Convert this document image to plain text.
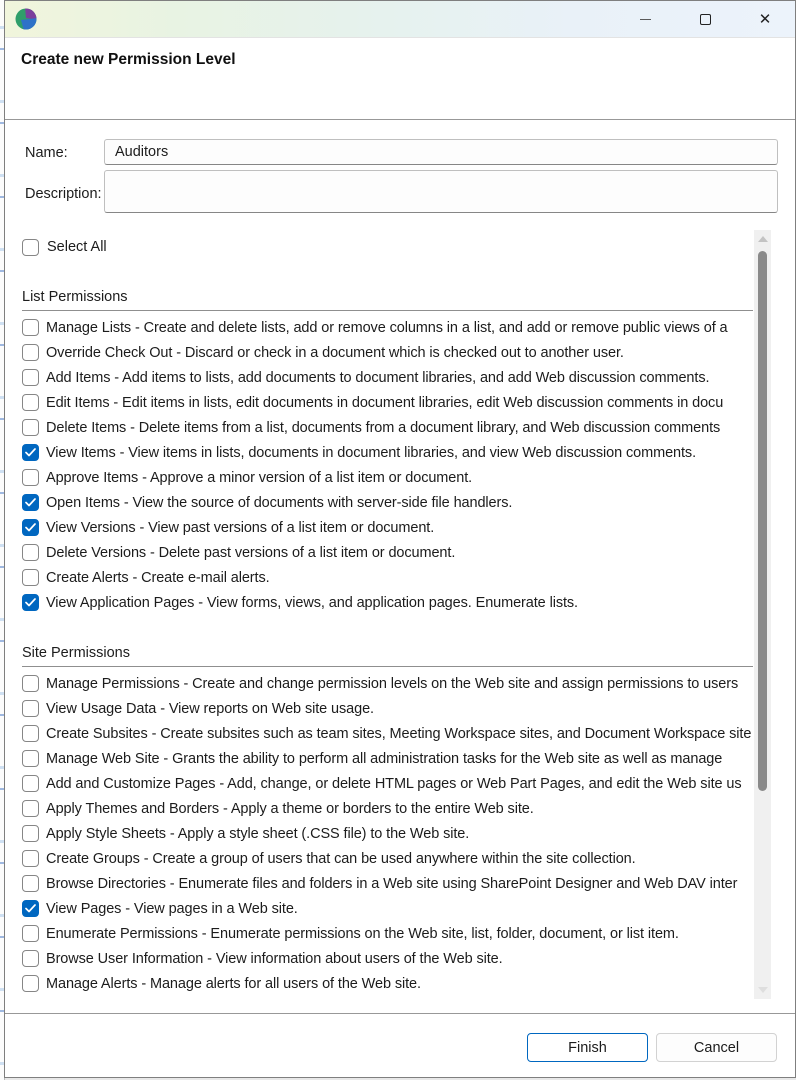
✕
Create new Permission Level
Name:
Auditors
Description:
Select All
List Permissions
Manage Lists - Create and delete lists, add or remove columns in a list, and add or remove public views of a
Override Check Out - Discard or check in a document which is checked out to another user.
Add Items - Add items to lists, add documents to document libraries, and add Web discussion comments.
Edit Items - Edit items in lists, edit documents in document libraries, edit Web discussion comments in docu
Delete Items - Delete items from a list, documents from a document library, and Web discussion comments
View Items - View items in lists, documents in document libraries, and view Web discussion comments.
Approve Items - Approve a minor version of a list item or document.
Open Items - View the source of documents with server-side file handlers.
View Versions - View past versions of a list item or document.
Delete Versions - Delete past versions of a list item or document.
Create Alerts - Create e-mail alerts.
View Application Pages - View forms, views, and application pages. Enumerate lists.
Site Permissions
Manage Permissions - Create and change permission levels on the Web site and assign permissions to users
View Usage Data - View reports on Web site usage.
Create Subsites - Create subsites such as team sites, Meeting Workspace sites, and Document Workspace site
Manage Web Site - Grants the ability to perform all administration tasks for the Web site as well as manage
Add and Customize Pages - Add, change, or delete HTML pages or Web Part Pages, and edit the Web site us
Apply Themes and Borders - Apply a theme or borders to the entire Web site.
Apply Style Sheets - Apply a style sheet (.CSS file) to the Web site.
Create Groups - Create a group of users that can be used anywhere within the site collection.
Browse Directories - Enumerate files and folders in a Web site using SharePoint Designer and Web DAV inter
View Pages - View pages in a Web site.
Enumerate Permissions - Enumerate permissions on the Web site, list, folder, document, or list item.
Browse User Information - View information about users of the Web site.
Manage Alerts - Manage alerts for all users of the Web site.
Finish	Cancel
